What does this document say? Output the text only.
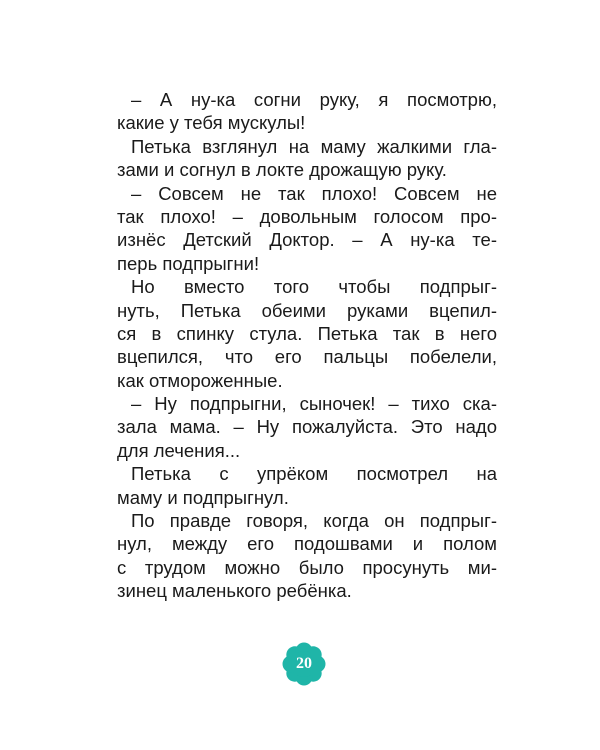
– А ну-ка согни руку, я посмотрю,
какие у тебя мускулы!
Петька взглянул на маму жалкими гла-
зами и согнул в локте дрожащую руку.
– Совсем не так плохо! Совсем не
так плохо! – довольным голосом про-
изнёс Детский Доктор. – А ну-ка те-
перь подпрыгни!
Но вместо того чтобы подпрыг-
нуть, Петька обеими руками вцепил-
ся в спинку стула. Петька так в него
вцепился, что его пальцы побелели,
как отмороженные.
– Ну подпрыгни, сыночек! – тихо ска-
зала мама. – Ну пожалуйста. Это надо
для лечения...
Петька с упрёком посмотрел на
маму и подпрыгнул.
По правде говоря, когда он подпрыг-
нул, между его подошвами и полом
с трудом можно было просунуть ми-
зинец маленького ребёнка.
20
